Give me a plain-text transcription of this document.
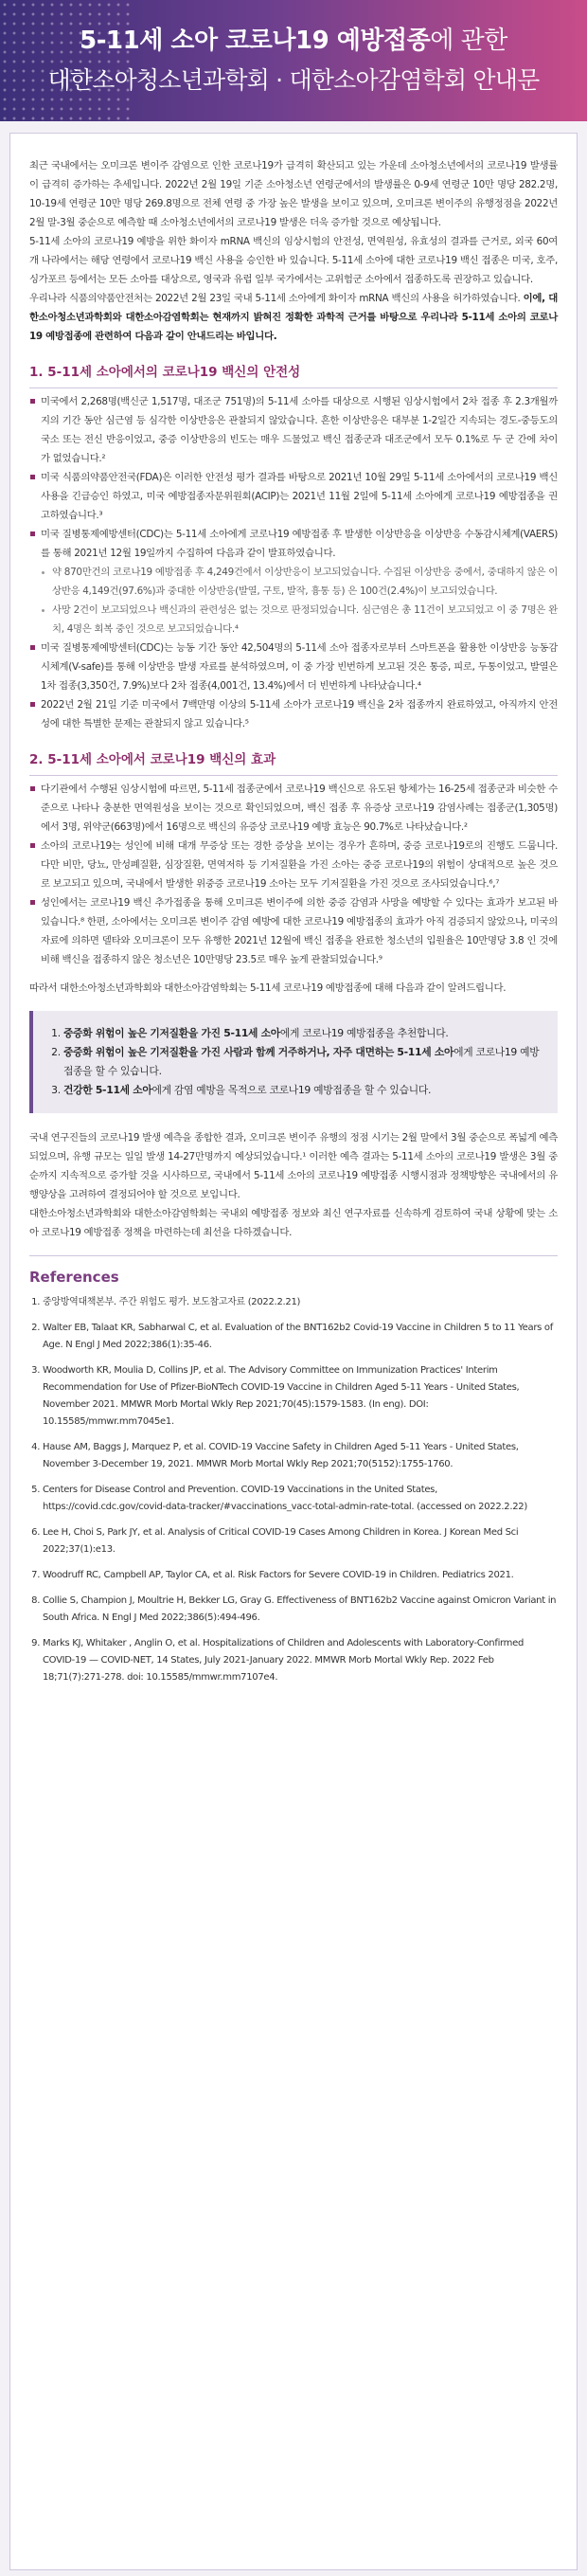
5-11세 소아 코로나19 예방접종에 관한
대한소아청소년과학회 · 대한소아감염학회 안내문

최근 국내에서는 오미크론 변이주 감염으로 인한 코로나19가 급격히 확산되고 있는 가운데 소아청소년에서의 코로나19 발생률이 급격히 증가하는 추세입니다. 2022년 2월 19일 기준 소아청소년 연령군에서의 발생률은 0-9세 연령군 10만 명당 282.2명, 10-19세 연령군 10만 명당 269.8명으로 전체 연령 중 가장 높은 발생을 보이고 있으며, 오미크론 변이주의 유행정점을 2022년 2월 말-3월 중순으로 예측할 때 소아청소년에서의 코로나19 발생은 더욱 증가할 것으로 예상됩니다.

5-11세 소아의 코로나19 예방을 위한 화이자 mRNA 백신의 임상시험의 안전성, 면역원성, 유효성의 결과를 근거로, 외국 60여개 나라에서는 해당 연령에서 코로나19 백신 사용을 승인한 바 있습니다. 5-11세 소아에 대한 코로나19 백신 접종은 미국, 호주, 싱가포르 등에서는 모든 소아를 대상으로, 영국과 유럽 일부 국가에서는 고위험군 소아에서 접종하도록 권장하고 있습니다.

우리나라 식품의약품안전처는 2022년 2월 23일 국내 5-11세 소아에게 화이자 mRNA 백신의 사용을 허가하였습니다. 이에, 대한소아청소년과학회와 대한소아감염학회는 현재까지 밝혀진 정확한 과학적 근거를 바탕으로 우리나라 5-11세 소아의 코로나19 예방접종에 관련하여 다음과 같이 안내드리는 바입니다.

1. 5-11세 소아에서의 코로나19 백신의 안전성
미국에서 2,268명(백신군 1,517명, 대조군 751명)의 5-11세 소아를 대상으로 시행된 임상시험에서 2차 접종 후 2.3개월까지의 기간 동안 심근염 등 심각한 이상반응은 관찰되지 않았습니다. 흔한 이상반응은 대부분 1-2일간 지속되는 경도-중등도의 국소 또는 전신 반응이었고, 중증 이상반응의 빈도는 매우 드물었고 백신 접종군과 대조군에서 모두 0.1%로 두 군 간에 차이가 없었습니다.²
미국 식품의약품안전국(FDA)은 이러한 안전성 평가 결과를 바탕으로 2021년 10월 29일 5-11세 소아에서의 코로나19 백신 사용을 긴급승인 하였고, 미국 예방접종자문위원회(ACIP)는 2021년 11월 2일에 5-11세 소아에게 코로나19 예방접종을 권고하였습니다.³
미국 질병통제예방센터(CDC)는 5-11세 소아에게 코로나19 예방접종 후 발생한 이상반응을 이상반응 수동감시체계(VAERS)를 통해 2021년 12월 19일까지 수집하여 다음과 같이 발표하였습니다.
약 870만건의 코로나19 예방접종 후 4,249건에서 이상반응이 보고되었습니다. 수집된 이상반응 중에서, 중대하지 않은 이상반응 4,149건(97.6%)과 중대한 이상반응(발열, 구토, 발작, 흉통 등) 은 100건(2.4%)이 보고되었습니다.
사망 2건이 보고되었으나 백신과의 관련성은 없는 것으로 판정되었습니다. 심근염은 총 11건이 보고되었고 이 중 7명은 완치, 4명은 회복 중인 것으로 보고되었습니다.⁴
미국 질병통제예방센터(CDC)는 능동 기간 동안 42,504명의 5-11세 소아 접종자로부터 스마트폰을 활용한 이상반응 능동감시체계(V-safe)를 통해 이상반응 발생 자료를 분석하였으며, 이 중 가장 빈번하게 보고된 것은 통증, 피로, 두통이었고, 발열은 1차 접종(3,350건, 7.9%)보다 2차 접종(4,001건, 13.4%)에서 더 빈번하게 나타났습니다.⁴
2022년 2월 21일 기준 미국에서 7백만명 이상의 5-11세 소아가 코로나19 백신을 2차 접종까지 완료하였고, 아직까지 안전성에 대한 특별한 문제는 관찰되지 않고 있습니다.⁵
2. 5-11세 소아에서 코로나19 백신의 효과
다기관에서 수행된 임상시험에 따르면, 5-11세 접종군에서 코로나19 백신으로 유도된 항체가는 16-25세 접종군과 비슷한 수준으로 나타나 충분한 면역원성을 보이는 것으로 확인되었으며, 백신 접종 후 유증상 코로나19 감염사례는 접종군(1,305명)에서 3명, 위약군(663명)에서 16명으로 백신의 유증상 코로나19 예방 효능은 90.7%로 나타났습니다.²
소아의 코로나19는 성인에 비해 대개 무증상 또는 경한 증상을 보이는 경우가 흔하며, 중증 코로나19로의 진행도 드뭅니다. 다만 비만, 당뇨, 만성폐질환, 심장질환, 면역저하 등 기저질환을 가진 소아는 중증 코로나19의 위험이 상대적으로 높은 것으로 보고되고 있으며, 국내에서 발생한 위중증 코로나19 소아는 모두 기저질환을 가진 것으로 조사되었습니다.⁶,⁷
성인에서는 코로나19 백신 추가접종을 통해 오미크론 변이주에 의한 중증 감염과 사망을 예방할 수 있다는 효과가 보고된 바 있습니다.⁸ 한편, 소아에서는 오미크론 변이주 감염 예방에 대한 코로나19 예방접종의 효과가 아직 검증되지 않았으나, 미국의 자료에 의하면 델타와 오미크론이 모두 유행한 2021년 12월에 백신 접종을 완료한 청소년의 입원율은 10만명당 3.8 인 것에 비해 백신을 접종하지 않은 청소년은 10만명당 23.5로 매우 높게 관찰되었습니다.⁹

따라서 대한소아청소년과학회와 대한소아감염학회는 5-11세 코로나19 예방접종에 대해 다음과 같이 알려드립니다.

1. 중증화 위험이 높은 기저질환을 가진 5-11세 소아에게 코로나19 예방접종을 추천합니다.
2. 중증화 위험이 높은 기저질환을 가진 사람과 함께 거주하거나, 자주 대면하는 5-11세 소아에게 코로나19 예방접종을 할 수 있습니다.
3. 건강한 5-11세 소아에게 감염 예방을 목적으로 코로나19 예방접종을 할 수 있습니다.

국내 연구진들의 코로나19 발생 예측을 종합한 결과, 오미크론 변이주 유행의 정점 시기는 2월 말에서 3월 중순으로 폭넓게 예측되었으며, 유행 규모는 일일 발생 14-27만명까지 예상되었습니다.¹ 이러한 예측 결과는 5-11세 소아의 코로나19 발생은 3월 중순까지 지속적으로 증가할 것을 시사하므로, 국내에서 5-11세 소아의 코로나19 예방접종 시행시점과 정책방향은 국내에서의 유행양상을 고려하여 결정되어야 할 것으로 보입니다.

대한소아청소년과학회와 대한소아감염학회는 국내외 예방접종 정보와 최신 연구자료를 신속하게 검토하여 국내 상황에 맞는 소아 코로나19 예방접종 정책을 마련하는데 최선을 다하겠습니다.

References
1. 중앙방역대책본부. 주간 위험도 평가. 보도참고자료 (2022.2.21)
2. Walter EB, Talaat KR, Sabharwal C, et al. Evaluation of the BNT162b2 Covid-19 Vaccine in Children 5 to 11 Years of Age. N Engl J Med 2022;386(1):35-46.
3. Woodworth KR, Moulia D, Collins JP, et al. The Advisory Committee on Immunization Practices' Interim Recommendation for Use of Pfizer-BioNTech COVID-19 Vaccine in Children Aged 5-11 Years - United States, November 2021. MMWR Morb Mortal Wkly Rep 2021;70(45):1579-1583. (In eng). DOI: 10.15585/mmwr.mm7045e1.
4. Hause AM, Baggs J, Marquez P, et al. COVID-19 Vaccine Safety in Children Aged 5-11 Years - United States, November 3-December 19, 2021. MMWR Morb Mortal Wkly Rep 2021;70(5152):1755-1760.
5. Centers for Disease Control and Prevention. COVID-19 Vaccinations in the United States, https://covid.cdc.gov/covid-data-tracker/#vaccinations_vacc-total-admin-rate-total. (accessed on 2022.2.22)
6. Lee H, Choi S, Park JY, et al. Analysis of Critical COVID-19 Cases Among Children in Korea. J Korean Med Sci 2022;37(1):e13.
7. Woodruff RC, Campbell AP, Taylor CA, et al. Risk Factors for Severe COVID-19 in Children. Pediatrics 2021.
8. Collie S, Champion J, Moultrie H, Bekker LG, Gray G. Effectiveness of BNT162b2 Vaccine against Omicron Variant in South Africa. N Engl J Med 2022;386(5):494-496.
9. Marks KJ, Whitaker , Anglin O, et al. Hospitalizations of Children and Adolescents with Laboratory-Confirmed COVID-19 — COVID-NET, 14 States, July 2021-January 2022. MMWR Morb Mortal Wkly Rep. 2022 Feb 18;71(7):271-278. doi: 10.15585/mmwr.mm7107e4.
